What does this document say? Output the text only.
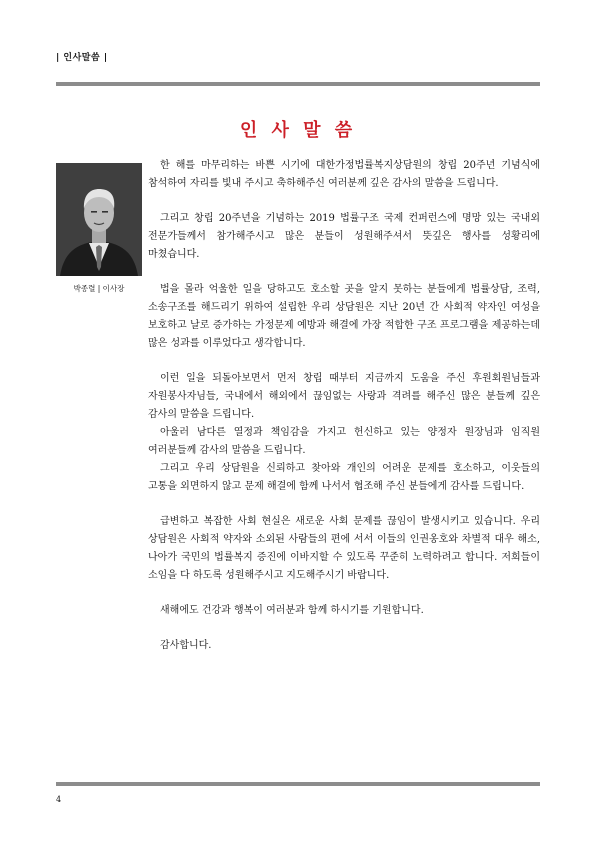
| 인사말씀 |
인 사 말 씀
박종렬 | 이사장

한 해를 마무리하는 바쁜 시기에 대한가정법률복지상담원의 창립 20주년 기념식에 참석하여 자리를 빛내 주시고 축하해주신 여러분께 깊은 감사의 말씀을 드립니다.

그리고 창립 20주년을 기념하는 2019 법률구조 국제 컨퍼런스에 명망 있는 국내외 전문가들께서 참가해주시고 많은 분들이 성원해주셔서 뜻깊은 행사를 성황리에 마쳤습니다.

법을 몰라 억울한 일을 당하고도 호소할 곳을 알지 못하는 분들에게 법률상담, 조력, 소송구조를 해드리기 위하여 설립한 우리 상담원은 지난 20년 간 사회적 약자인 여성을 보호하고 날로 증가하는 가정문제 예방과 해결에 가장 적합한 구조 프로그램을 제공하는데 많은 성과를 이루었다고 생각합니다.

이런 일을 되돌아보면서 먼저 창립 때부터 지금까지 도움을 주신 후원회원님들과 자원봉사자님들, 국내에서 해외에서 끊임없는 사랑과 격려를 해주신 많은 분들께 깊은 감사의 말씀을 드립니다.

아울러 남다른 열정과 책임감을 가지고 헌신하고 있는 양정자 원장님과 임직원 여러분들께 감사의 말씀을 드립니다.

그리고 우리 상담원을 신뢰하고 찾아와 개인의 어려운 문제를 호소하고, 이웃들의 고통을 외면하지 않고 문제 해결에 함께 나서서 협조해 주신 분들에게 감사를 드립니다.

급변하고 복잡한 사회 현실은 새로운 사회 문제를 끊임이 발생시키고 있습니다. 우리 상담원은 사회적 약자와 소외된 사람들의 편에 서서 이들의 인권옹호와 차별적 대우 해소, 나아가 국민의 법률복지 증진에 이바지할 수 있도록 꾸준히 노력하려고 합니다. 저희들이 소임을 다 하도록 성원해주시고 지도해주시기 바랍니다.

새해에도 건강과 행복이 여러분과 함께 하시기를 기원합니다.

감사합니다.

4
